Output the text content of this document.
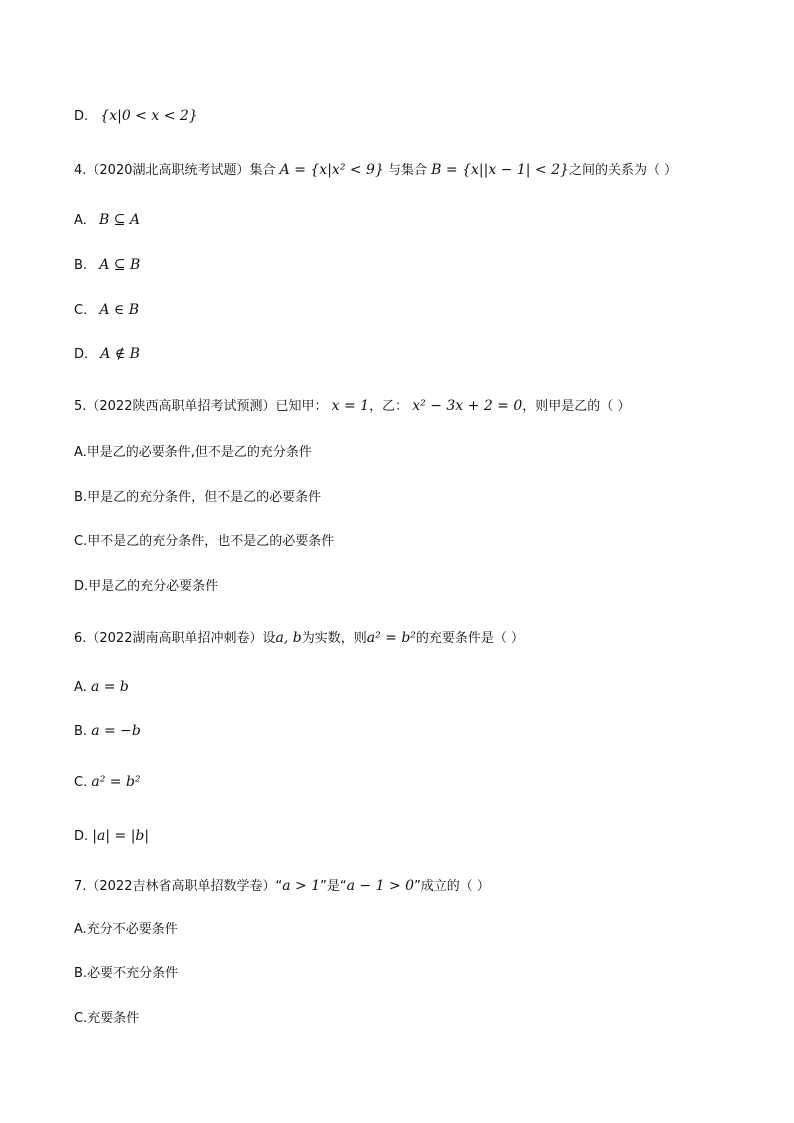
D. {x|0 < x < 2}
4.（2020湖北高职统考试题）集合 A = {x|x² < 9} 与集合 B = {x||x − 1| < 2}之间的关系为（ ）
A. B ⊆ A
B. A ⊆ B
C. A ∈ B
D. A ∉ B
5.（2022陕西高职单招考试预测）已知甲： x = 1，乙： x² − 3x + 2 = 0，则甲是乙的（ ）
A.甲是乙的必要条件,但不是乙的充分条件
B.甲是乙的充分条件，但不是乙的必要条件
C.甲不是乙的充分条件，也不是乙的必要条件
D.甲是乙的充分必要条件
6.（2022湖南高职单招冲刺卷）设a, b为实数，则a² = b²的充要条件是（ ）
A. a = b
B. a = −b
C. a² = b²
D. |a| = |b|
7.（2022吉林省高职单招数学卷）“a > 1”是“a − 1 > 0”成立的（ ）
A.充分不必要条件
B.必要不充分条件
C.充要条件
